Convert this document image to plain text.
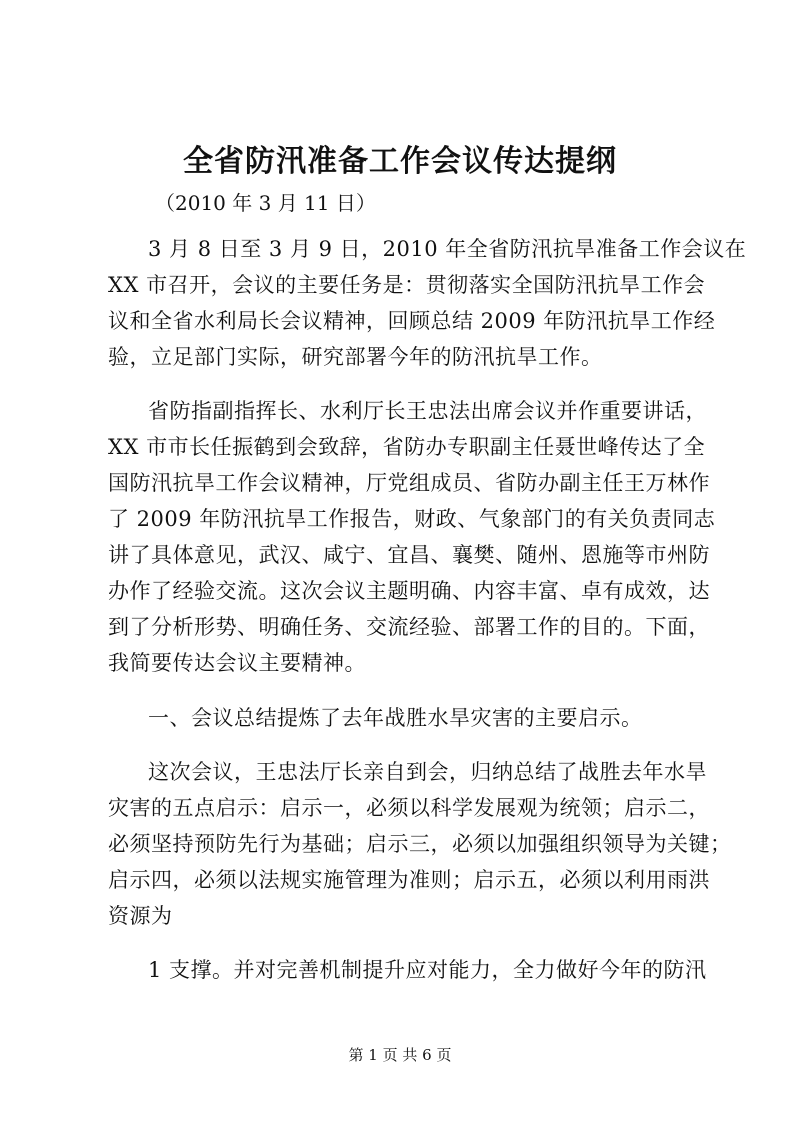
全省防汛准备工作会议传达提纲
（2010 年 3 月 11 日）
3 月 8 日至 3 月 9 日，2010 年全省防汛抗旱准备工作会议在
XX 市召开，会议的主要任务是：贯彻落实全国防汛抗旱工作会
议和全省水利局长会议精神，回顾总结 2009 年防汛抗旱工作经
验，立足部门实际，研究部署今年的防汛抗旱工作。
省防指副指挥长、水利厅长王忠法出席会议并作重要讲话，
XX 市市长任振鹤到会致辞，省防办专职副主任聂世峰传达了全
国防汛抗旱工作会议精神，厅党组成员、省防办副主任王万林作
了 2009 年防汛抗旱工作报告，财政、气象部门的有关负责同志
讲了具体意见，武汉、咸宁、宜昌、襄樊、随州、恩施等市州防
办作了经验交流。这次会议主题明确、内容丰富、卓有成效，达
到了分析形势、明确任务、交流经验、部署工作的目的。下面，
我简要传达会议主要精神。
一、会议总结提炼了去年战胜水旱灾害的主要启示。
这次会议，王忠法厅长亲自到会，归纳总结了战胜去年水旱
灾害的五点启示：启示一，必须以科学发展观为统领；启示二，
必须坚持预防先行为基础；启示三，必须以加强组织领导为关键；
启示四，必须以法规实施管理为准则；启示五，必须以利用雨洪
资源为
1 支撑。并对完善机制提升应对能力，全力做好今年的防汛
第 1 页 共 6 页
